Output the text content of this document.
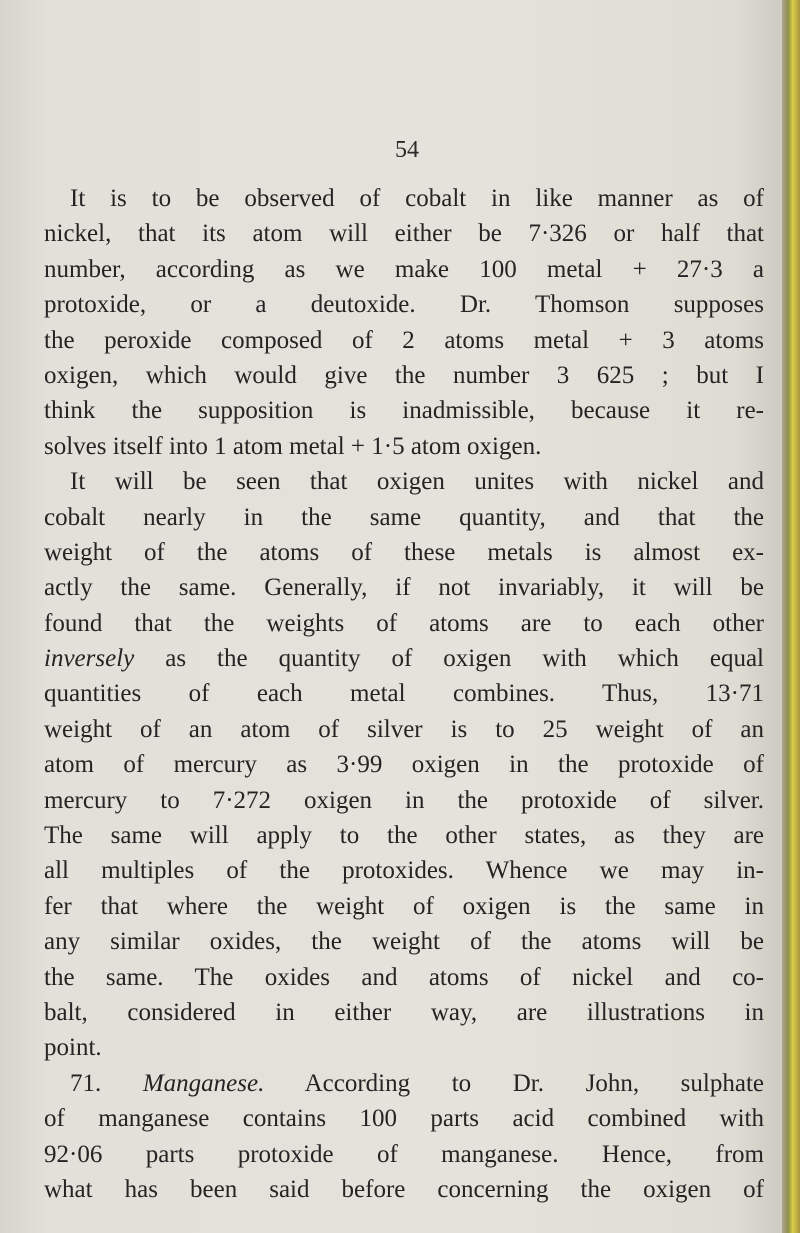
54
It is to be observed of cobalt in like manner as of
nickel, that its atom will either be 7·326 or half that
number, according as we make 100 metal + 27·3 a
protoxide, or a deutoxide. Dr. Thomson supposes
the peroxide composed of 2 atoms metal + 3 atoms
oxigen, which would give the number 3 625 ; but I
think the supposition is inadmissible, because it re-
solves itself into 1 atom metal + 1·5 atom oxigen.
It will be seen that oxigen unites with nickel and
cobalt nearly in the same quantity, and that the
weight of the atoms of these metals is almost ex-
actly the same. Generally, if not invariably, it will be
found that the weights of atoms are to each other
inversely as the quantity of oxigen with which equal
quantities of each metal combines. Thus, 13·71
weight of an atom of silver is to 25 weight of an
atom of mercury as 3·99 oxigen in the protoxide of
mercury to 7·272 oxigen in the protoxide of silver.
The same will apply to the other states, as they are
all multiples of the protoxides. Whence we may in-
fer that where the weight of oxigen is the same in
any similar oxides, the weight of the atoms will be
the same. The oxides and atoms of nickel and co-
balt, considered in either way, are illustrations in
point.
71. Manganese. According to Dr. John, sulphate
of manganese contains 100 parts acid combined with
92·06 parts protoxide of manganese. Hence, from
what has been said before concerning the oxigen of
